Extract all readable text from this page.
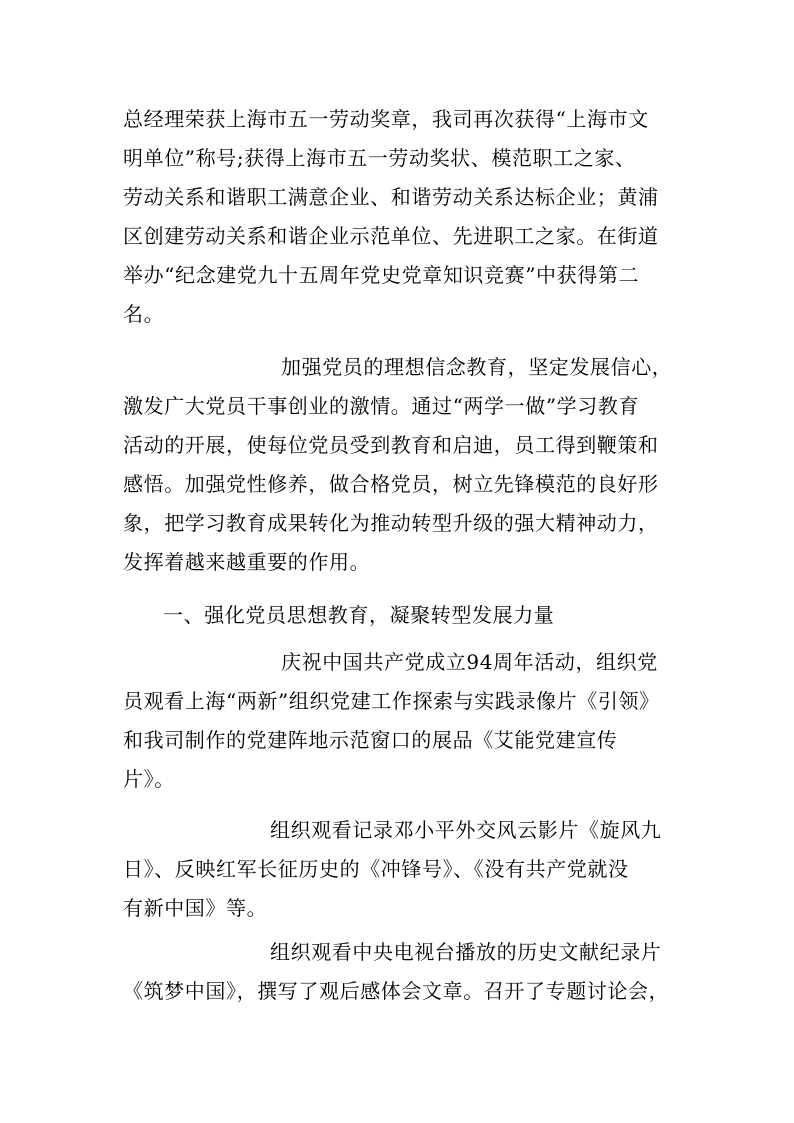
总经理荣获上海市五一劳动奖章，我司再次获得“上海市文
明单位”称号;获得上海市五一劳动奖状、模范职工之家、
劳动关系和谐职工满意企业、和谐劳动关系达标企业；黄浦
区创建劳动关系和谐企业示范单位、先进职工之家。在街道
举办“纪念建党九十五周年党史党章知识竞赛”中获得第二
名。
加强党员的理想信念教育，坚定发展信心，
激发广大党员干事创业的激情。通过“两学一做”学习教育
活动的开展，使每位党员受到教育和启迪，员工得到鞭策和
感悟。加强党性修养，做合格党员，树立先锋模范的良好形
象，把学习教育成果转化为推动转型升级的强大精神动力，
发挥着越来越重要的作用。
一、强化党员思想教育，凝聚转型发展力量
庆祝中国共产党成立94周年活动，组织党
员观看上海“两新”组织党建工作探索与实践录像片《引领》
和我司制作的党建阵地示范窗口的展品《艾能党建宣传
片》。
组织观看记录邓小平外交风云影片《旋风九
日》、反映红军长征历史的《冲锋号》、《没有共产党就没
有新中国》等。
组织观看中央电视台播放的历史文献纪录片
《筑梦中国》，撰写了观后感体会文章。召开了专题讨论会，
